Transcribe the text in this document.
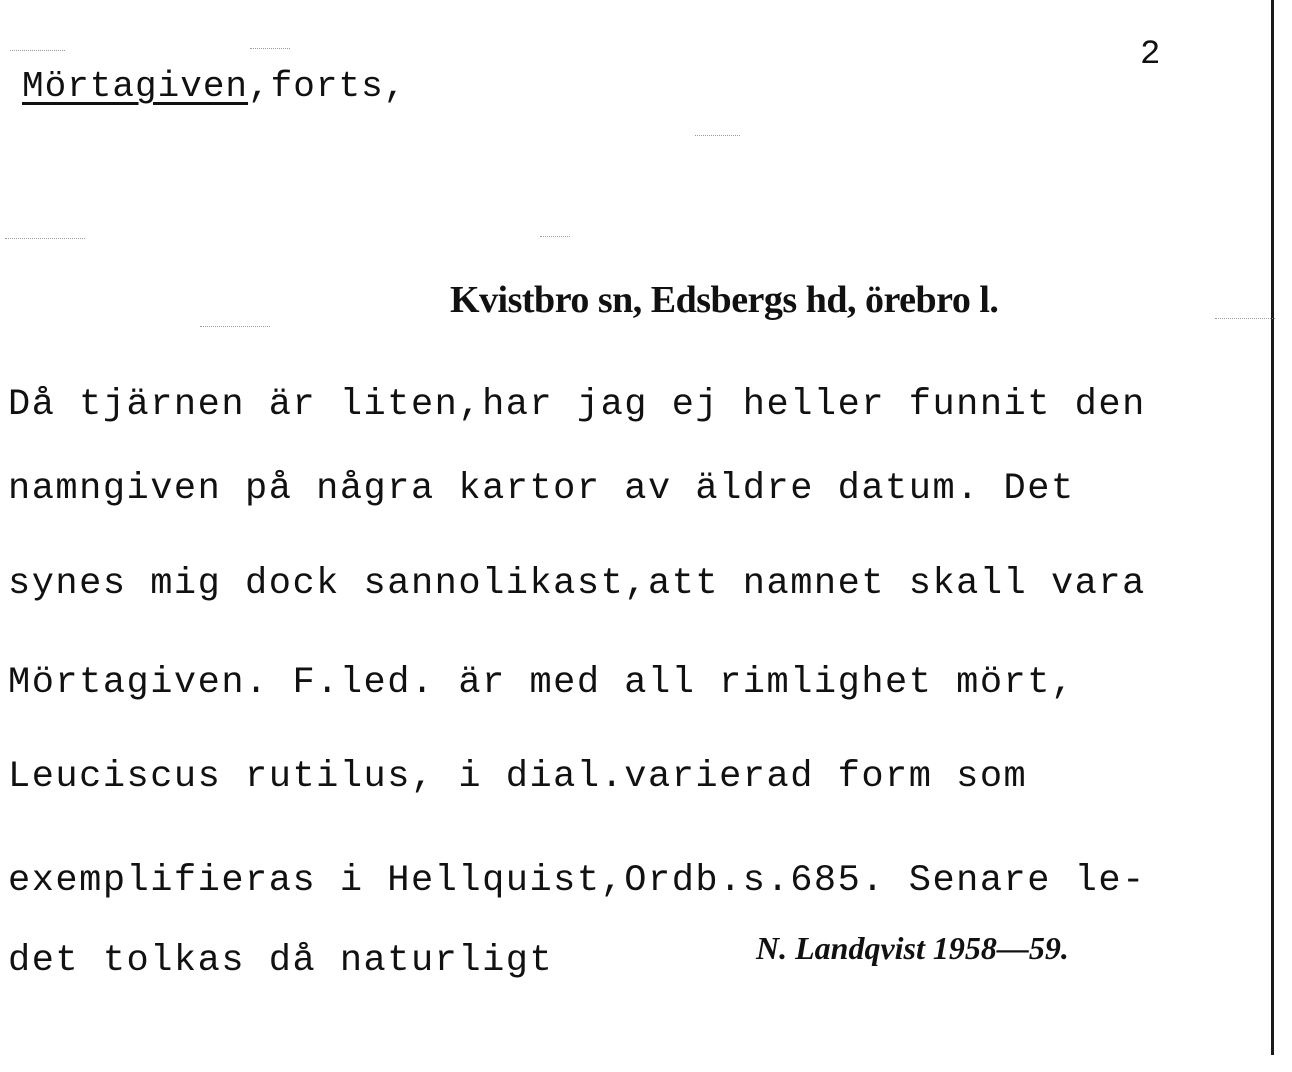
2
Mörtagiven,forts,
Kvistbro sn, Edsbergs hd, örebro l.
Då tjärnen är liten,har jag ej heller funnit den
namngiven på några kartor av äldre datum. Det
synes mig dock sannolikast,att namnet skall vara
Mörtagiven. F.led. är med all rimlighet mört,
Leuciscus rutilus, i dial.varierad form som
exemplifieras i Hellquist,Ordb.s.685. Senare le-
det tolkas då naturligt	N. Landqvist 1958—59.
